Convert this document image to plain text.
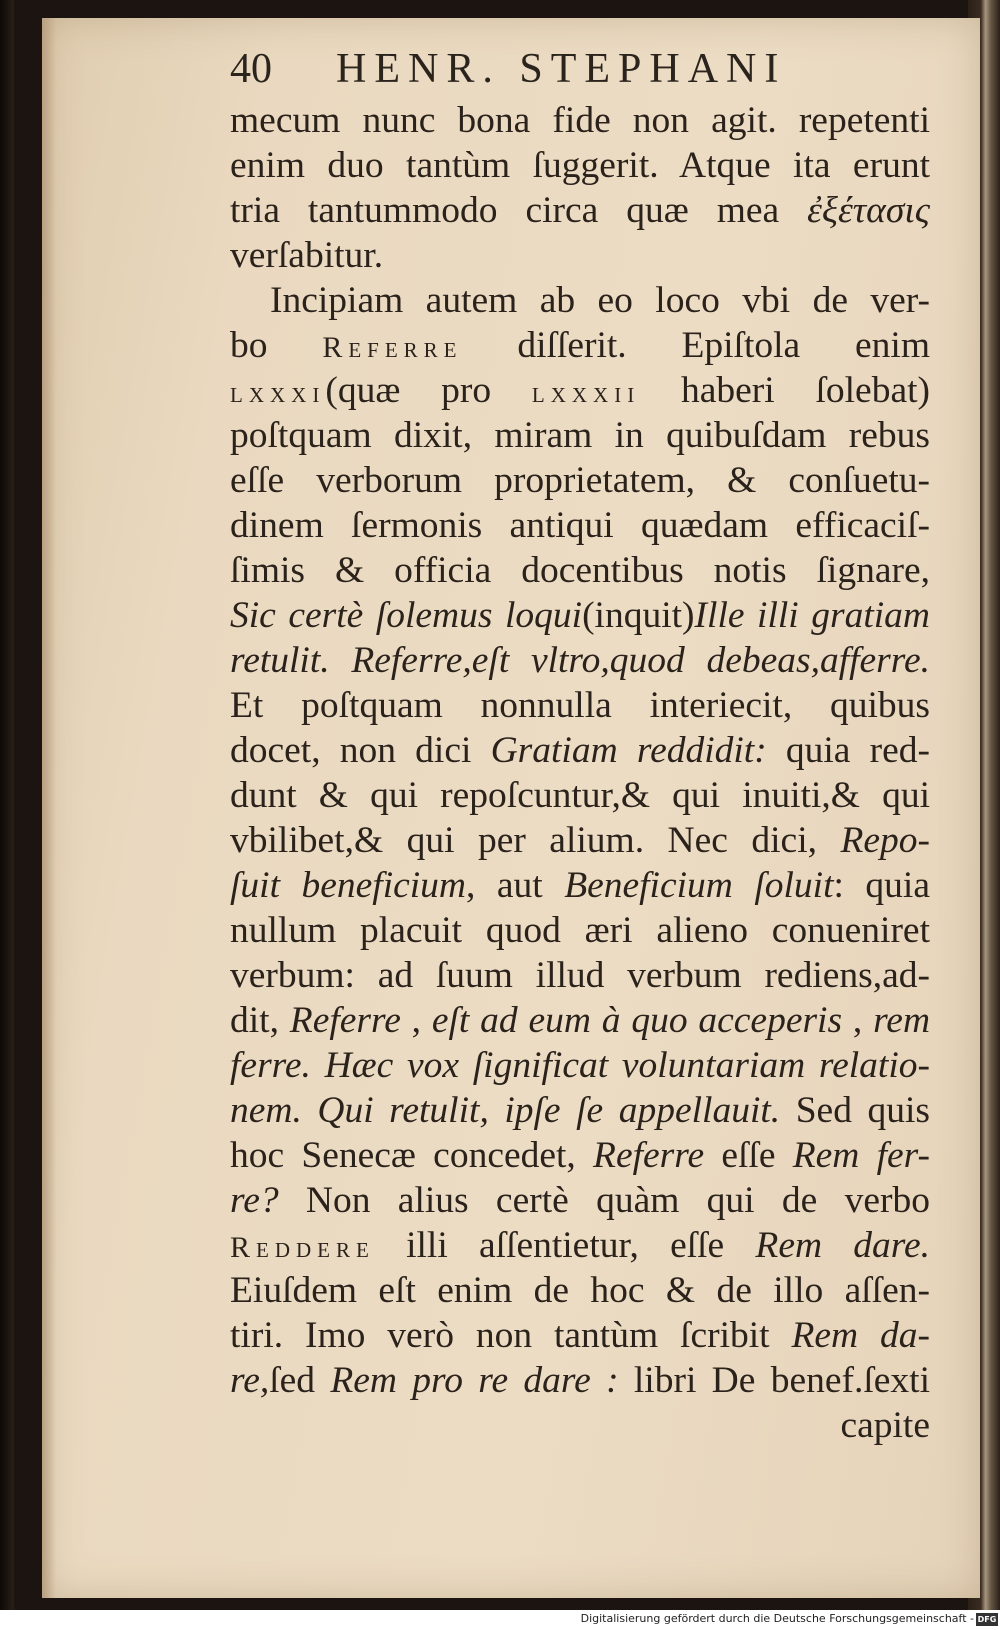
40 HENR. STEPHANI
mecum nunc bona fide non agit. repetenti
enim duo tantùm ſuggerit. Atque ita erunt
tria tantummodo circa quæ mea ἐξέτασις
verſabitur.
Incipiam autem ab eo loco vbi de ver-
bo Referre diſſerit. Epiſtola enim
lxxxi(quæ pro lxxxii haberi ſolebat)
poſtquam dixit, miram in quibuſdam rebus
eſſe verborum proprietatem, & conſuetu-
dinem ſermonis antiqui quædam efficaciſ-
ſimis & officia docentibus notis ſignare,
Sic certè ſolemus loqui(inquit)Ille illi gratiam
retulit. Referre,eſt vltro,quod debeas,afferre.
Et poſtquam nonnulla interiecit, quibus
docet, non dici Gratiam reddidit: quia red-
dunt & qui repoſcuntur,& qui inuiti,& qui
vbilibet,& qui per alium. Nec dici, Repo-
ſuit beneficium, aut Beneficium ſoluit: quia
nullum placuit quod æri alieno conueniret
verbum: ad ſuum illud verbum rediens,ad-
dit, Referre , eſt ad eum à quo acceperis , rem
ferre. Hæc vox ſignificat voluntariam relatio-
nem. Qui retulit, ipſe ſe appellauit. Sed quis
hoc Senecæ concedet, Referre eſſe Rem fer-
re? Non alius certè quàm qui de verbo
Reddere illi aſſentietur, eſſe Rem dare.
Eiuſdem eſt enim de hoc & de illo aſſen-
tiri. Imo verò non tantùm ſcribit Rem da-
re,ſed Rem pro re dare : libri De benef.ſexti
capite
Digitalisierung gefördert durch die Deutsche Forschungsgemeinschaft - DFG
